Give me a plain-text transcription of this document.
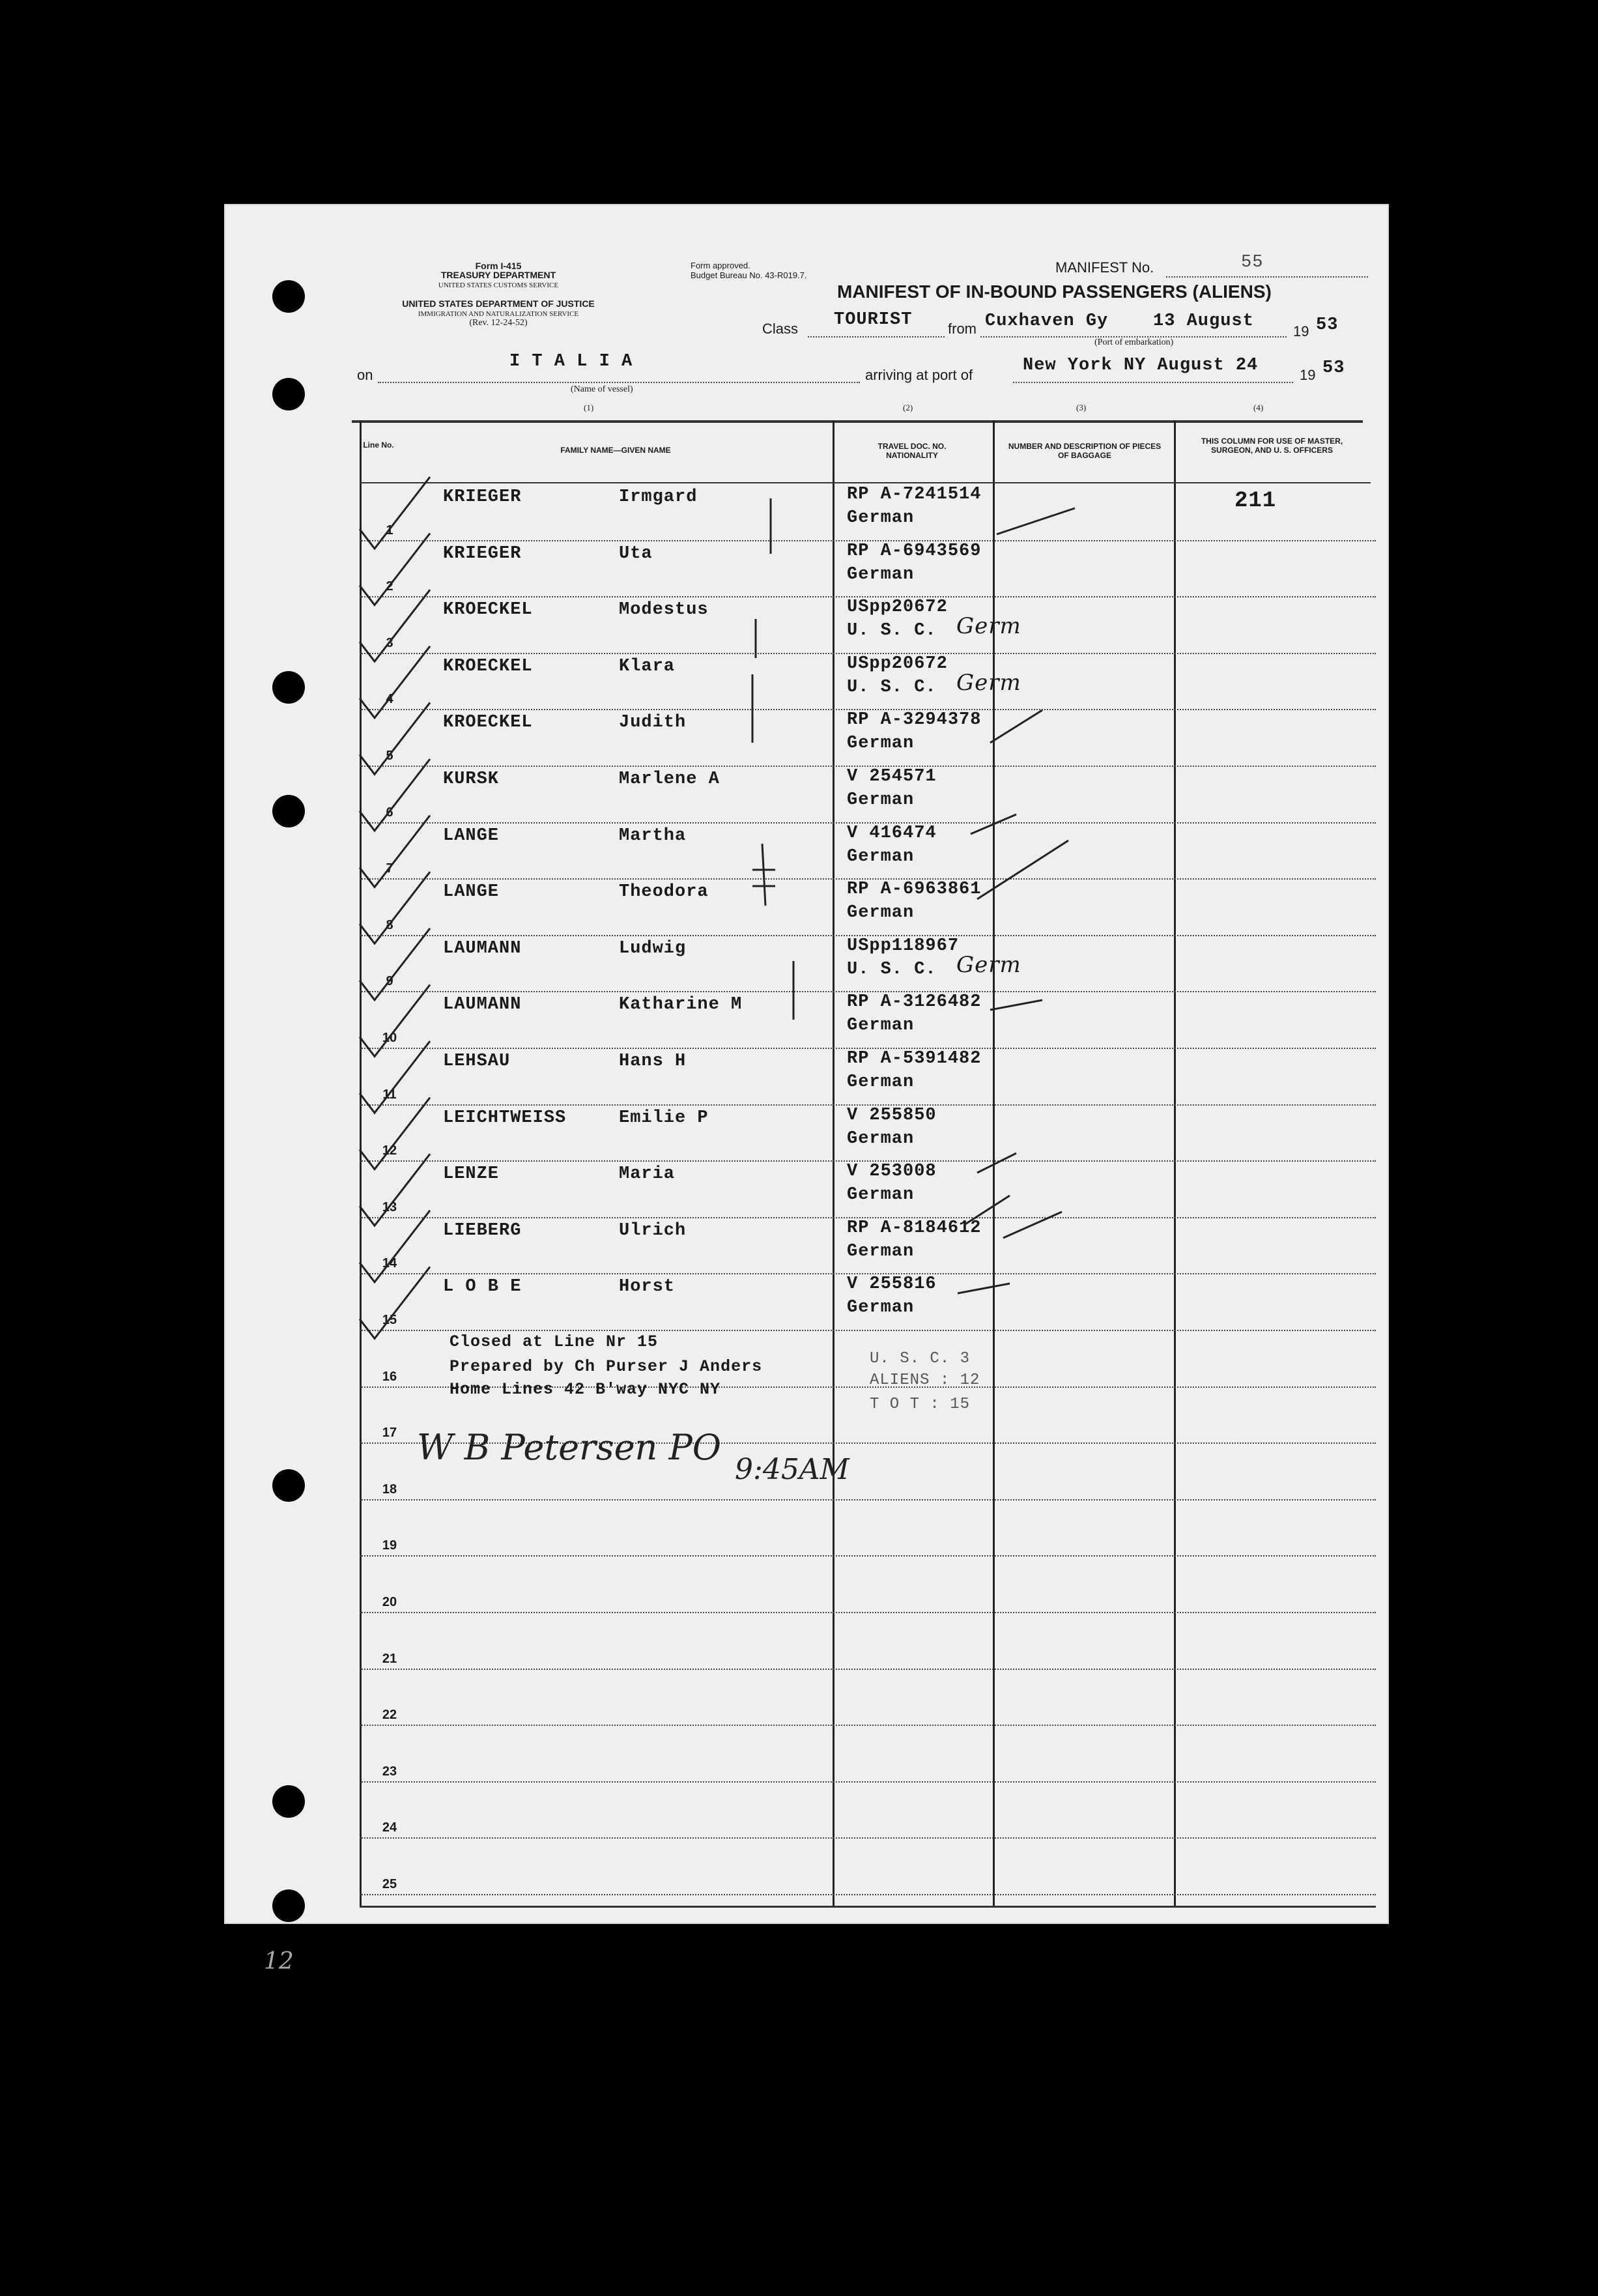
Form I-415
TREASURY DEPARTMENT
UNITED STATES CUSTOMS SERVICE
UNITED STATES DEPARTMENT OF JUSTICE
IMMIGRATION AND NATURALIZATION SERVICE
(Rev. 12-24-52)
Form approved.
Budget Bureau No. 43-R019.7.	MANIFEST No.	55
MANIFEST OF IN-BOUND PASSENGERS (ALIENS)
Class TOURIST from Cuxhaven Gy	13 August
19 53
(Port of embarkation)
on
I T A L I A
(Name of vessel)
arriving at port of	New York NY August 24	19 53
(1)	(2)	(3)	(4)
Line No.
FAMILY NAME—GIVEN NAME	TRAVEL DOC. NO. NATIONALITY
NUMBER AND DESCRIPTION OF PIECES OF BAGGAGE
THIS COLUMN FOR USE OF MASTER, SURGEON, AND U. S. OFFICERS
211
1
KRIEGER	Irmgard	RP A-7241514
German
2
KRIEGER	Uta	RP A-6943569
German
3
KROECKEL	Modestus	USpp20672
U. S. C. Germ
4
KROECKEL	Klara	USpp20672
U. S. C. Germ
5
KROECKEL	Judith	RP A-3294378
German
6
KURSK	Marlene A	V 254571
German
7
LANGE	Martha	V 416474
German
8
LANGE	Theodora	RP A-6963861
German
9
LAUMANN	Ludwig	USpp118967
U. S. C. Germ
10
LAUMANN	Katharine M	RP A-3126482
German
11
LEHSAU	Hans H	RP A-5391482
German
12
LEICHTWEISS	Emilie P	V 255850
German
13
LENZE	Maria	V 253008
German
14
LIEBERG	Ulrich	RP A-8184612
German
15
L O B E	Horst	V 255816
German
16
17
18
19
20
21
22
23
24
25
Closed at Line Nr 15
Prepared by Ch Purser J Anders
Home Lines 42 B'way NYC NY
U. S. C. 3
ALIENS : 12
T O T : 15
W B Petersen PO
9:45AM
12
